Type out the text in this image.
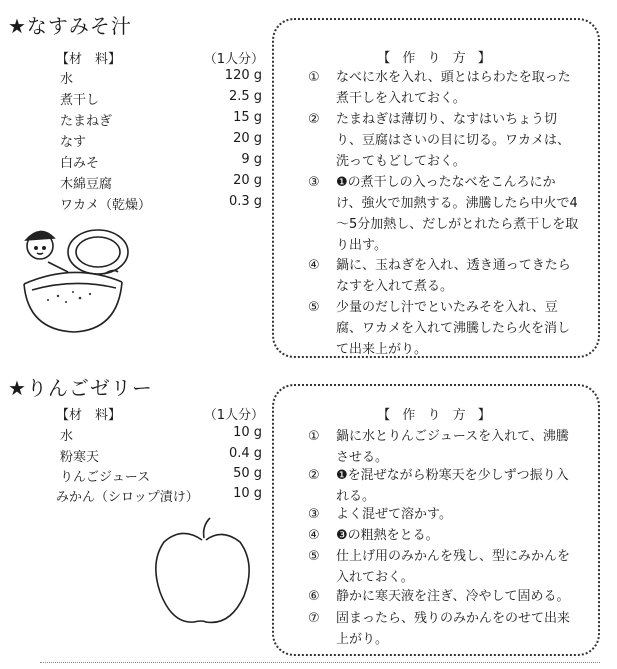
★なすみそ汁
【材　料】	（1人分）
水	120 g
煮干し	2.5 g
たまねぎ	15 g
なす	20 g
白みそ	9 g
木綿豆腐	20 g
ワカメ（乾燥）	0.3 g
【 作 り 方 】
① なべに水を入れ、頭とはらわたを取った煮干しを入れておく。
② たまねぎは薄切り、なすはいちょう切り、豆腐はさいの目に切る。ワカメは、洗ってもどしておく。
③ ❶の煮干しの入ったなべをこんろにかけ、強火で加熱する。沸騰したら中火で4～5分加熱し、だしがとれたら煮干しを取り出す。
④ 鍋に、玉ねぎを入れ、透き通ってきたらなすを入れて煮る。
⑤ 少量のだし汁でといたみそを入れ、豆腐、ワカメを入れて沸騰したら火を消して出来上がり。
★りんごゼリー
【材　料】	（1人分）
水	10 g
粉寒天	0.4 g
りんごジュース	50 g
みかん（シロップ漬け）	10 g
【 作 り 方 】
① 鍋に水とりんごジュースを入れて、沸騰させる。
② ❶を混ぜながら粉寒天を少しずつ振り入れる。
③ よく混ぜて溶かす。
④ ❸の粗熱をとる。
⑤ 仕上げ用のみかんを残し、型にみかんを入れておく。
⑥ 静かに寒天液を注ぎ、冷やして固める。
⑦ 固まったら、残りのみかんをのせて出来上がり。
